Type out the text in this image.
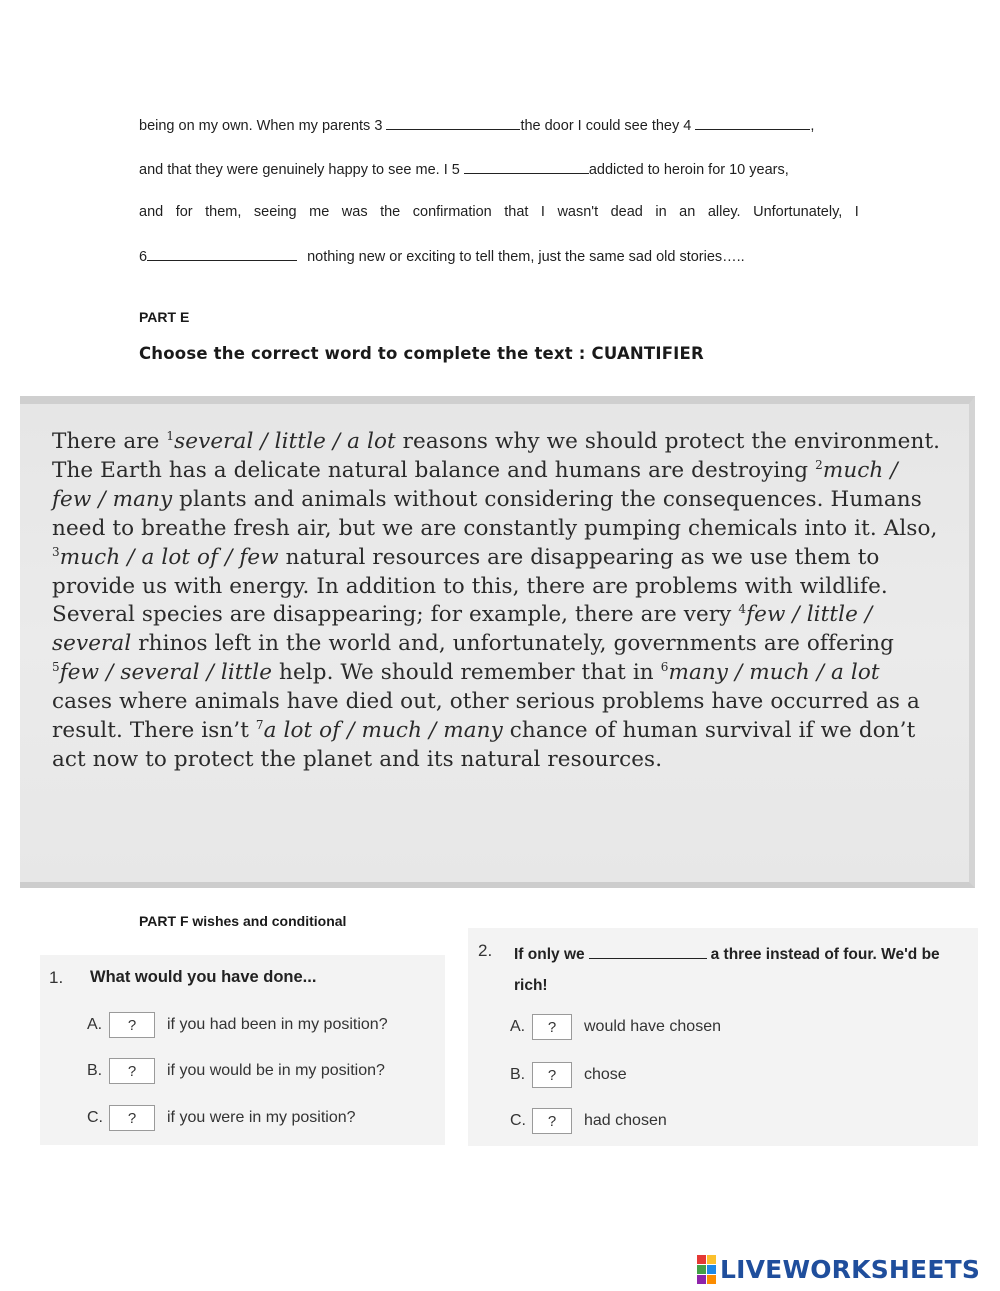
being on my own. When my parents 3	the door I could see they 4	,
and that they were genuinely happy to see me. I 5	addicted to heroin for 10 years,
and for them, seeing me was the confirmation that I wasn't dead in an alley. Unfortunately, I
6	nothing new or exciting to tell them, just the same sad old stories…..
PART E
Choose the correct word to complete the text : CUANTIFIER
There are $^1$several / little / a lot reasons why we should protect the environment. The Earth has a delicate natural balance and humans are destroying $^2$much / few / many plants and animals without considering the consequences. Humans need to breathe fresh air, but we are constantly pumping chemicals into it. Also, $^3$much / a lot of / few natural resources are disappearing as we use them to provide us with energy. In addition to this, there are problems with wildlife. Several species are disappearing; for example, there are very $^4$few / little / several rhinos left in the world and, unfortunately, governments are offering $^5$few / several / little help. We should remember that in $^6$many / much / a lot cases where animals have died out, other serious problems have occurred as a result. There isn’t $^7$a lot of / much / many chance of human survival if we don’t act now to protect the planet and its natural resources.
PART F wishes and conditional
1. What would you have done...
A.	?	if you had been in my position?
B.	?	if you would be in my position?
C.	?	if you were in my position?
2. If only we	a three instead of four. We'd be rich!
A.	?	would have chosen
B.	?	chose
C.	?	had chosen
LIVEWORKSHEETS
